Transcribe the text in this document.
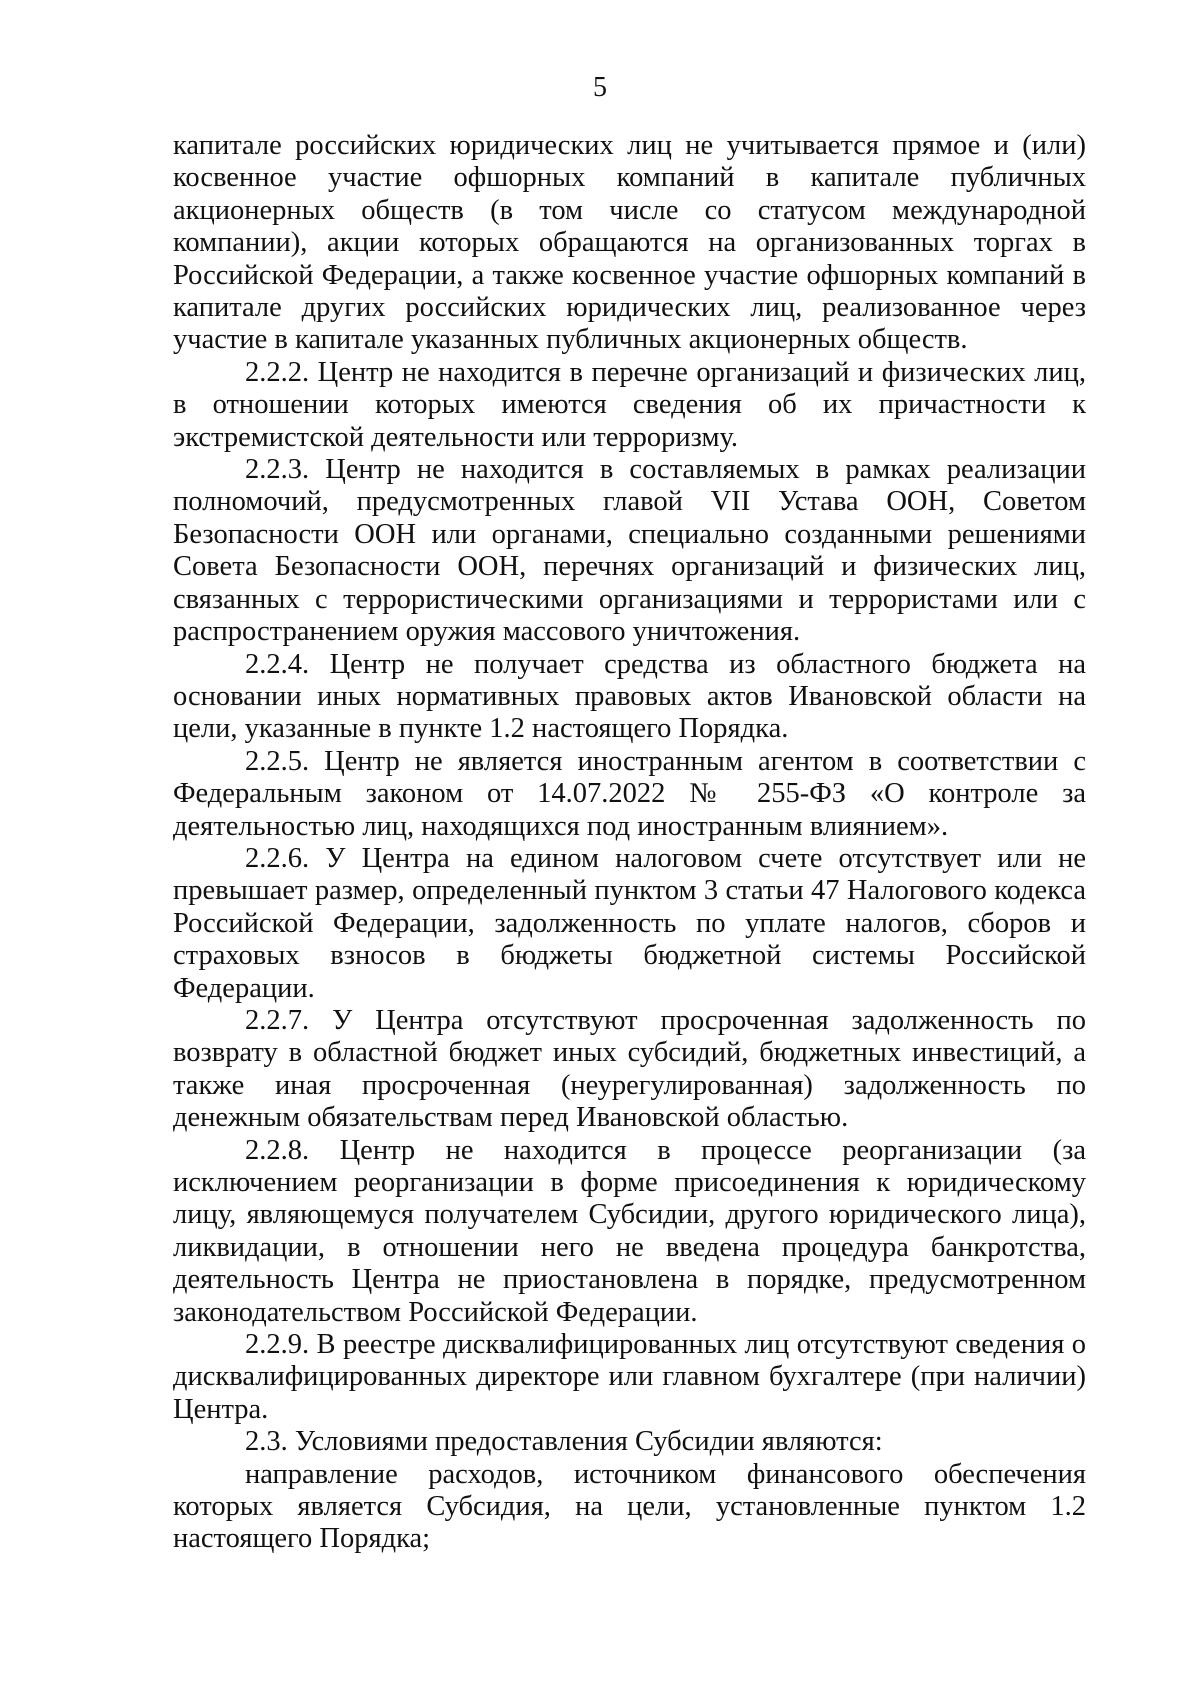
5

капитале российских юридических лиц не учитывается прямое и (или) косвенное участие офшорных компаний в капитале публичных акционерных обществ (в том числе со статусом международной компании), акции которых обращаются на организованных торгах в Российской Федерации, а также косвенное участие офшорных компаний в капитале других российских юридических лиц, реализованное через участие в капитале указанных публичных акционерных обществ.

2.2.2. Центр не находится в перечне организаций и физических лиц, в отношении которых имеются сведения об их причастности к экстремистской деятельности или терроризму.

2.2.3. Центр не находится в составляемых в рамках реализации полномочий, предусмотренных главой VII Устава ООН, Советом Безопасности ООН или органами, специально созданными решениями Совета Безопасности ООН, перечнях организаций и физических лиц, связанных с террористическими организациями и террористами или с распространением оружия массового уничтожения.

2.2.4. Центр не получает средства из областного бюджета на основании иных нормативных правовых актов Ивановской области на цели, указанные в пункте 1.2 настоящего Порядка.

2.2.5. Центр не является иностранным агентом в соответствии с Федеральным законом от 14.07.2022 № 255-ФЗ «О контроле за деятельностью лиц, находящихся под иностранным влиянием».

2.2.6. У Центра на едином налоговом счете отсутствует или не превышает размер, определенный пунктом 3 статьи 47 Налогового кодекса Российской Федерации, задолженность по уплате налогов, сборов и страховых взносов в бюджеты бюджетной системы Российской Федерации.

2.2.7. У Центра отсутствуют просроченная задолженность по возврату в областной бюджет иных субсидий, бюджетных инвестиций, а также иная просроченная (неурегулированная) задолженность по денежным обязательствам перед Ивановской областью.

2.2.8. Центр не находится в процессе реорганизации (за исключением реорганизации в форме присоединения к юридическому лицу, являющемуся получателем Субсидии, другого юридического лица), ликвидации, в отношении него не введена процедура банкротства, деятельность Центра не приостановлена в порядке, предусмотренном законодательством Российской Федерации.

2.2.9. В реестре дисквалифицированных лиц отсутствуют сведения о дисквалифицированных директоре или главном бухгалтере (при наличии) Центра.

2.3. Условиями предоставления Субсидии являются:

направление расходов, источником финансового обеспечения которых является Субсидия, на цели, установленные пунктом 1.2 настоящего Порядка;
